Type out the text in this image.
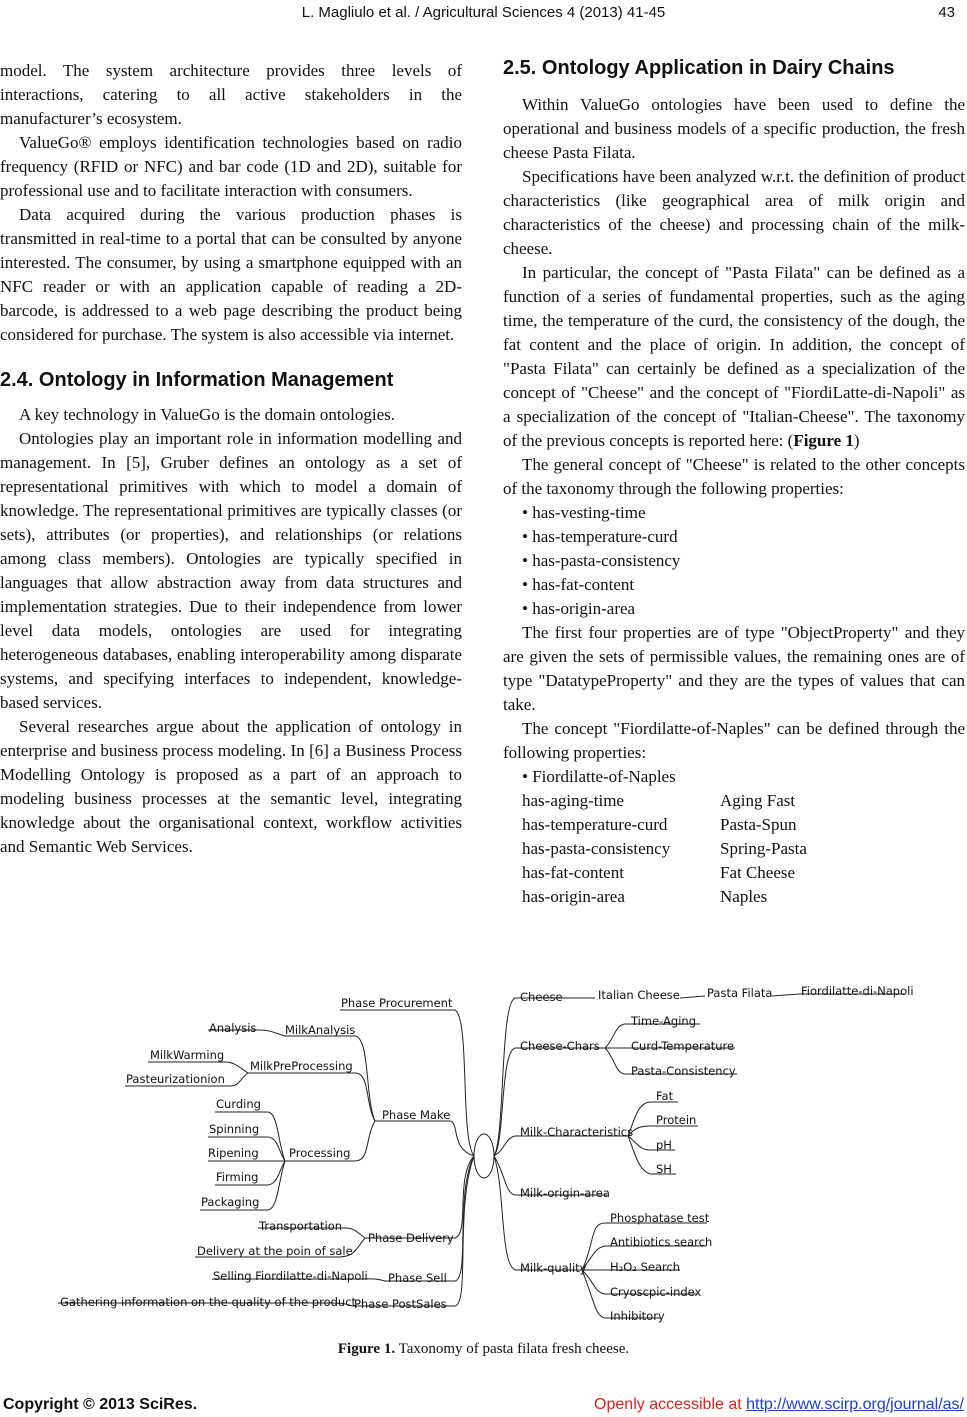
L. Magliulo et al. / Agricultural Sciences 4 (2013) 41-45	43

model. The system architecture provides three levels of interactions, catering to all active stakeholders in the manufacturer’s ecosystem.

ValueGo® employs identification technologies based on radio frequency (RFID or NFC) and bar code (1D and 2D), suitable for professional use and to facilitate interaction with consumers.

Data acquired during the various production phases is transmitted in real-time to a portal that can be consulted by anyone interested. The consumer, by using a smartphone equipped with an NFC reader or with an application capable of reading a 2D-barcode, is addressed to a web page describing the product being considered for purchase. The system is also accessible via internet.

2.4. Ontology in Information Management

A key technology in ValueGo is the domain ontologies.

Ontologies play an important role in information modelling and management. In [5], Gruber defines an ontology as a set of representational primitives with which to model a domain of knowledge. The representational primitives are typically classes (or sets), attributes (or properties), and relationships (or relations among class members). Ontologies are typically specified in languages that allow abstraction away from data structures and implementation strategies. Due to their independence from lower level data models, ontologies are used for integrating heterogeneous databases, enabling interoperability among disparate systems, and specifying interfaces to independent, knowledge-based services.

Several researches argue about the application of ontology in enterprise and business process modeling. In [6] a Business Process Modelling Ontology is proposed as a part of an approach to modeling business processes at the semantic level, integrating knowledge about the organisational context, workflow activities and Semantic Web Services.

2.5. Ontology Application in Dairy Chains

Within ValueGo ontologies have been used to define the operational and business models of a specific production, the fresh cheese Pasta Filata.

Specifications have been analyzed w.r.t. the definition of product characteristics (like geographical area of milk origin and characteristics of the cheese) and processing chain of the milk-cheese.

In particular, the concept of "Pasta Filata" can be defined as a function of a series of fundamental properties, such as the aging time, the temperature of the curd, the consistency of the dough, the fat content and the place of origin. In addition, the concept of "Pasta Filata" can certainly be defined as a specialization of the concept of "Cheese" and the concept of "FiordiLatte-di-Napoli" as a specialization of the concept of "Italian-Cheese". The taxonomy of the previous concepts is reported here: (Figure 1)

The general concept of "Cheese" is related to the other concepts of the taxonomy through the following properties:

• has-vesting-time

• has-temperature-curd

• has-pasta-consistency

• has-fat-content

• has-origin-area

The first four properties are of type "ObjectProperty" and they are given the sets of permissible values, the remaining ones are of type "DatatypeProperty" and they are the types of values that can take.

The concept "Fiordilatte-of-Naples" can be defined through the following properties:

• Fiordilatte-of-Naples

has-aging-time	Aging Fast
has-temperature-curd	Pasta-Spun
has-pasta-consistency	Spring-Pasta
has-fat-content	Fat Cheese
has-origin-area	Naples
Phase Procurement
Analysis MilkAnalysis
MilkWarming
MilkPreProcessing
Pasteurizationion
Phase Make
Curding
Spinning
Ripening
Firming
Packaging
Processing
Transportation
Delivery at the poin of sale
Phase Delivery
Selling Fiordilatte-di-Napoli Phase Sell
Gathering information on the quality of the product
Phase PostSales
Cheese	Italian Cheese Pasta Filata Fiordilatte-di-Napoli
Cheese-Chars
Time-Aging
Curd-Temperature
Pasta-Consistency
Milk-Characteristics
Fat
Protein
pH
SH
Milk-origin-area
Milk-quality
Phosphatase test
Antibiotics search
H₂O₂ Search
Cryoscpic-index
Inhibitory
Figure 1. Taxonomy of pasta filata fresh cheese.
Copyright © 2013 SciRes.	Openly accessible at http://www.scirp.org/journal/as/
